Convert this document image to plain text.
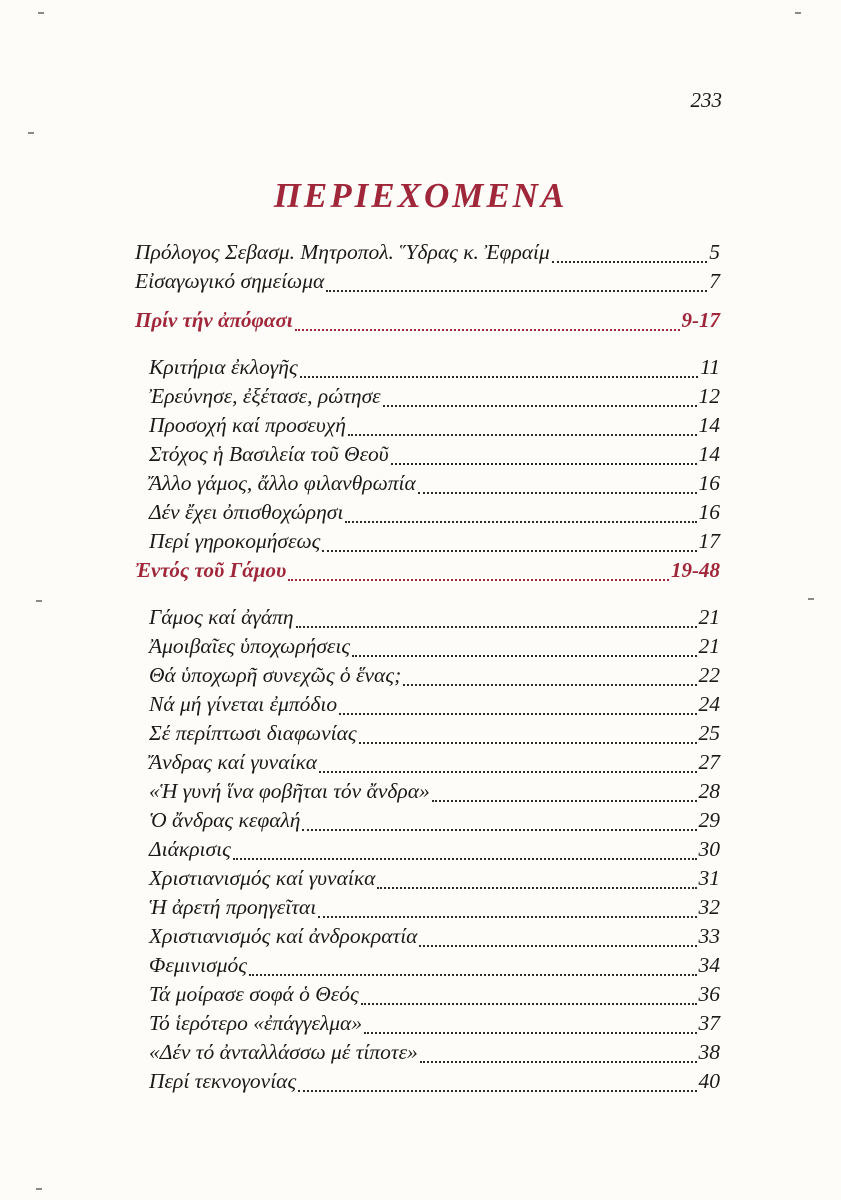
233
ΠΕΡΙΕΧΟΜΕΝΑ
Πρόλογος Σεβασμ. Μητροπολ. Ὕδρας κ. Ἐφραίμ	5
Εἰσαγωγικό σημείωμα	7
Πρίν τήν ἀπόφασι	9-17
Κριτήρια ἐκλογῆς	11
Ἐρεύνησε, ἐξέτασε, ρώτησε	12
Προσοχή καί προσευχή	14
Στόχος ἡ Βασιλεία τοῦ Θεοῦ	14
Ἄλλο γάμος, ἄλλο φιλανθρωπία	16
Δέν ἔχει ὀπισθοχώρησι	16
Περί γηροκομήσεως	17
Ἐντός τοῦ Γάμου	19-48
Γάμος καί ἀγάπη	21
Ἀμοιβαῖες ὑποχωρήσεις	21
Θά ὑποχωρῆ συνεχῶς ὁ ἕνας;	22
Νά μή γίνεται ἐμπόδιο	24
Σέ περίπτωσι διαφωνίας	25
Ἄνδρας καί γυναίκα	27
«Ἡ γυνή ἵνα φοβῆται τόν ἄνδρα»	28
Ὁ ἄνδρας κεφαλή	29
Διάκρισις	30
Χριστιανισμός καί γυναίκα	31
Ἡ ἀρετή προηγεῖται	32
Χριστιανισμός καί ἀνδροκρατία	33
Φεμινισμός	34
Τά μοίρασε σοφά ὁ Θεός	36
Τό ἱερότερο «ἐπάγγελμα»	37
«Δέν τό ἀνταλλάσσω μέ τίποτε»	38
Περί τεκνογονίας	40
